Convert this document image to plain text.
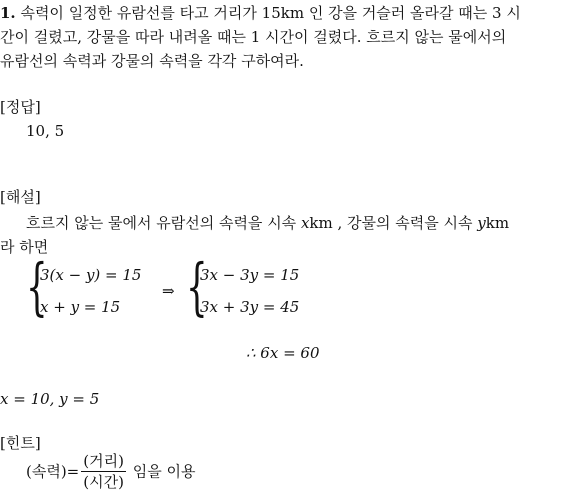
1. 속력이 일정한 유람선를 타고 거리가 15km 인 강을 거슬러 올라갈 때는 3 시
간이 걸렸고, 강물을 따라 내려올 때는 1 시간이 걸렸다. 흐르지 않는 물에서의
유람선의 속력과 강물의 속력을 각각 구하여라.
[정답]
10, 5
[해설]
흐르지 않는 물에서 유람선의 속력을 시속 xkm , 강물의 속력을 시속 ykm
라 하면
{
3(x − y) = 15
x + y = 15
⇒ {
3x − 3y = 15
3x + 3y = 45
∴ 6x = 60
x = 10, y = 5
[힌트]
(속력)= $\frac{\text{(거리)}}{\text{(시간)}}$ 임을 이용
